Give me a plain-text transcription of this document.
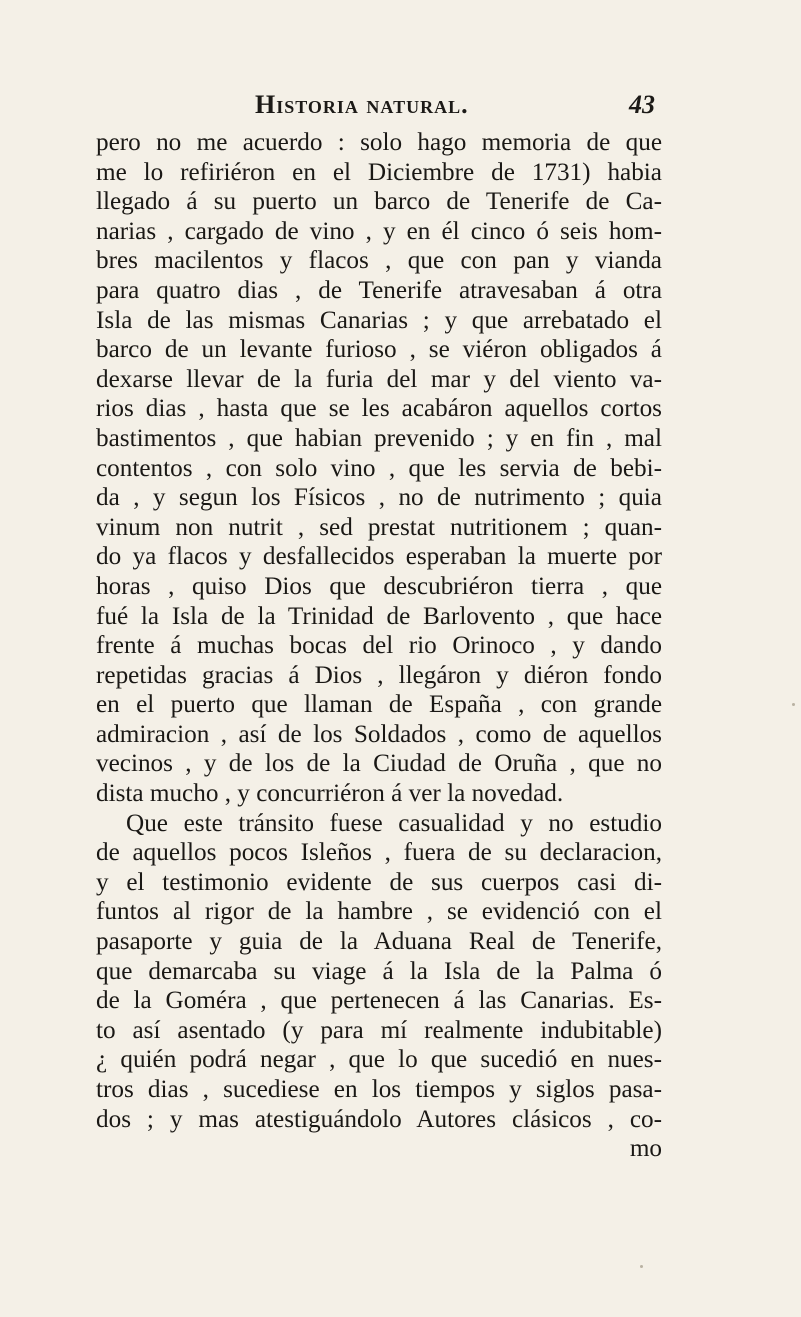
Historia natural.	43
pero no me acuerdo : solo hago memoria de que
me lo refiriéron en el Diciembre de 1731) habia
llegado á su puerto un barco de Tenerife de Ca-
narias , cargado de vino , y en él cinco ó seis hom-
bres macilentos y flacos , que con pan y vianda
para quatro dias , de Tenerife atravesaban á otra
Isla de las mismas Canarias ; y que arrebatado el
barco de un levante furioso , se viéron obligados á
dexarse llevar de la furia del mar y del viento va-
rios dias , hasta que se les acabáron aquellos cortos
bastimentos , que habian prevenido ; y en fin , mal
contentos , con solo vino , que les servia de bebi-
da , y segun los Físicos , no de nutrimento ; quia
vinum non nutrit , sed prestat nutritionem ; quan-
do ya flacos y desfallecidos esperaban la muerte por
horas , quiso Dios que descubriéron tierra , que
fué la Isla de la Trinidad de Barlovento , que hace
frente á muchas bocas del rio Orinoco , y dando
repetidas gracias á Dios , llegáron y diéron fondo
en el puerto que llaman de España , con grande
admiracion , así de los Soldados , como de aquellos
vecinos , y de los de la Ciudad de Oruña , que no
dista mucho , y concurriéron á ver la novedad.
Que este tránsito fuese casualidad y no estudio
de aquellos pocos Isleños , fuera de su declaracion,
y el testimonio evidente de sus cuerpos casi di-
funtos al rigor de la hambre , se evidenció con el
pasaporte y guia de la Aduana Real de Tenerife,
que demarcaba su viage á la Isla de la Palma ó
de la Goméra , que pertenecen á las Canarias. Es-
to así asentado (y para mí realmente indubitable)
¿ quién podrá negar , que lo que sucedió en nues-
tros dias , sucediese en los tiempos y siglos pasa-
dos ; y mas atestiguándolo Autores clásicos , co-
mo
